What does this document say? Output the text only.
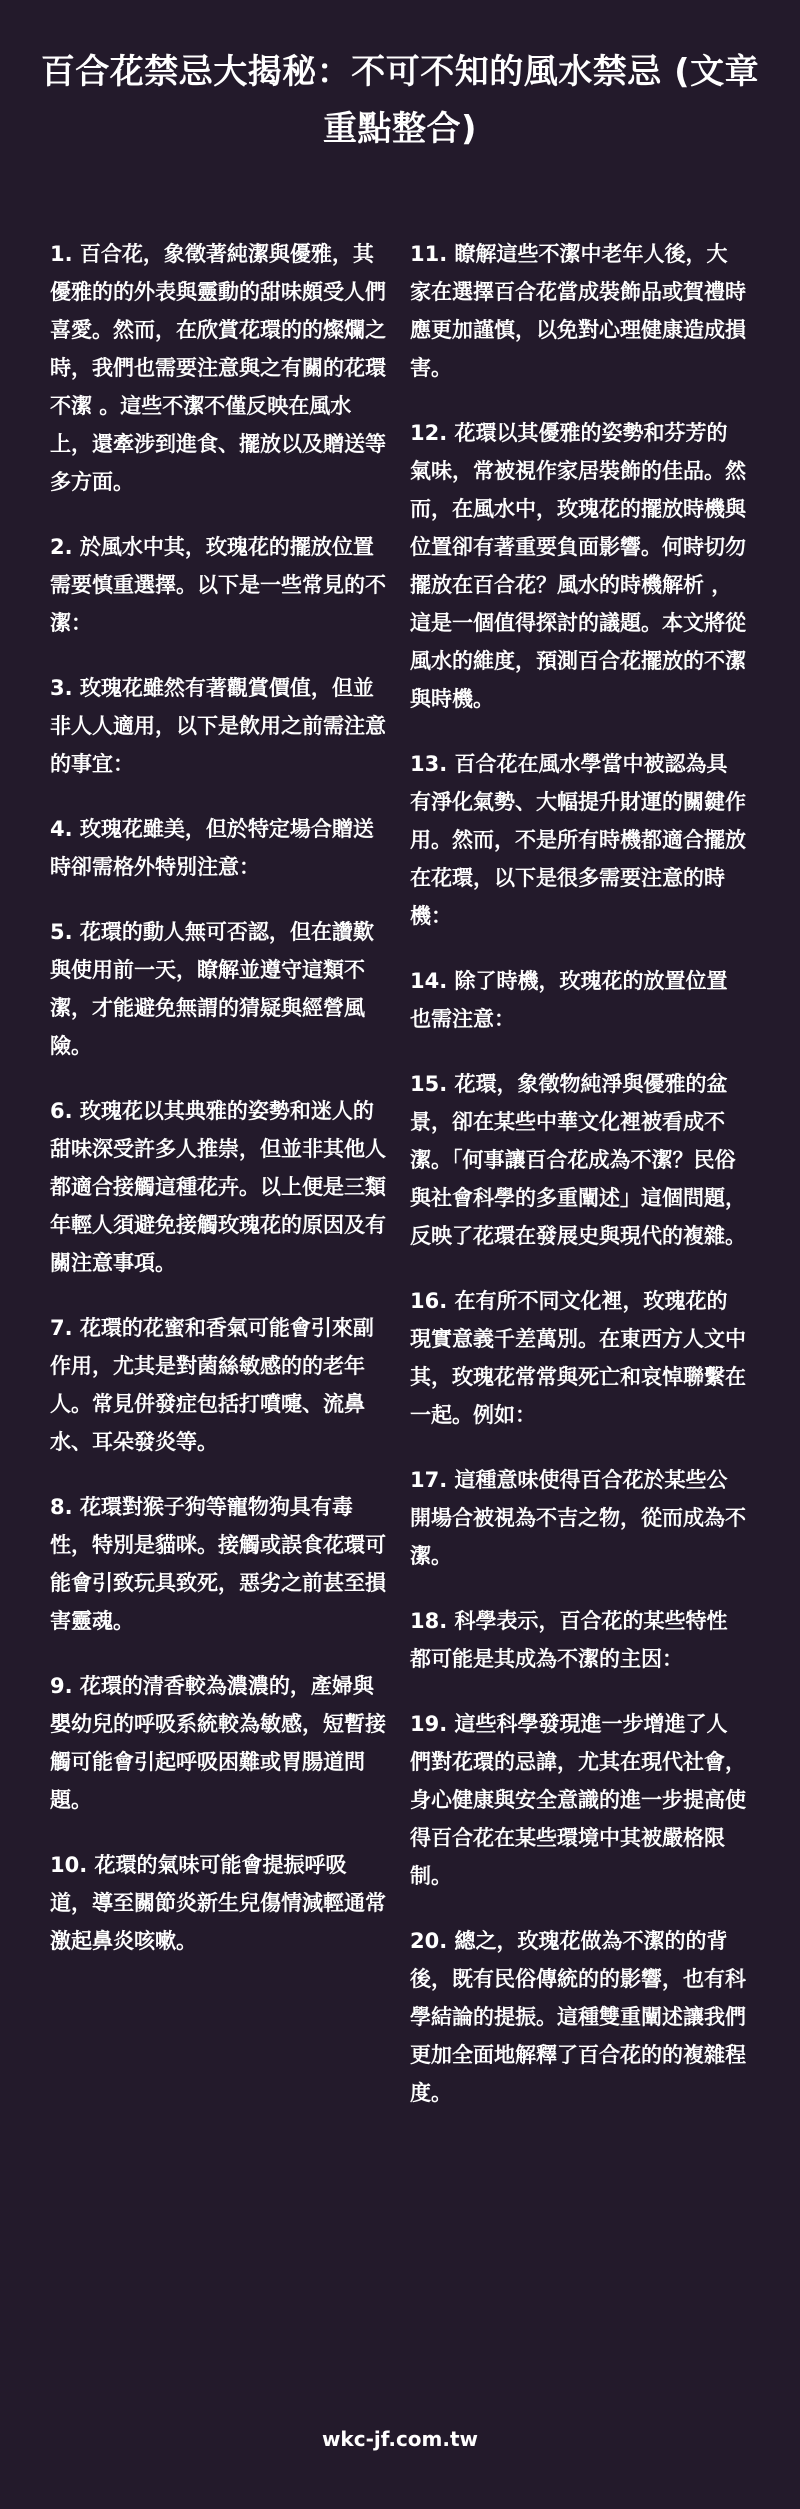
百合花禁忌大揭秘：不可不知的風水禁忌 (文章重點整合)

1. 百合花，象徵著純潔與優雅，其優雅的的外表與靈動的甜味頗受人們喜愛。然而，在欣賞花環的的燦爛之時，我們也需要注意與之有關的花環不潔 。這些不潔不僅反映在風水上，還牽涉到進食、擺放以及贈送等多方面。

2. 於風水中其，玫瑰花的擺放位置需要慎重選擇。以下是一些常見的不潔：

3. 玫瑰花雖然有著觀賞價值，但並非人人適用，以下是飲用之前需注意的事宜：

4. 玫瑰花雖美，但於特定場合贈送時卻需格外特別注意：

5. 花環的動人無可否認，但在讚歎與使用前一天，瞭解並遵守這類不潔，才能避免無謂的猜疑與經營風險。

6. 玫瑰花以其典雅的姿勢和迷人的甜味深受許多人推崇，但並非其他人都適合接觸這種花卉。以上便是三類年輕人須避免接觸玫瑰花的原因及有關注意事項。

7. 花環的花蜜和香氣可能會引來副作用，尤其是對菌絲敏感的的老年人。常見併發症包括打噴嚏、流鼻水、耳朵發炎等。

8. 花環對猴子狗等寵物狗具有毒性，特別是貓咪。接觸或誤食花環可能會引致玩具致死，惡劣之前甚至損害靈魂。

9. 花環的清香較為濃濃的，產婦與嬰幼兒的呼吸系統較為敏感，短暫接觸可能會引起呼吸困難或胃腸道問題。

10. 花環的氣味可能會提振呼吸道，導至關節炎新生兒傷情減輕通常激起鼻炎咳嗽。

11. 瞭解這些不潔中老年人後，大家在選擇百合花當成裝飾品或賀禮時應更加謹慎，以免對心理健康造成損害。

12. 花環以其優雅的姿勢和芬芳的氣味，常被視作家居裝飾的佳品。然而，在風水中，玫瑰花的擺放時機與位置卻有著重要負面影響。何時切勿擺放在百合花？風水的時機解析 ，這是一個值得探討的議題。本文將從風水的維度，預測百合花擺放的不潔與時機。

13. 百合花在風水學當中被認為具有淨化氣勢、大幅提升財運的關鍵作用。然而，不是所有時機都適合擺放在花環，以下是很多需要注意的時機：

14. 除了時機，玫瑰花的放置位置也需注意：

15. 花環，象徵物純淨與優雅的盆景，卻在某些中華文化裡被看成不潔。「何事讓百合花成為不潔？民俗與社會科學的多重闡述」這個問題，反映了花環在發展史與現代的複雜。

16. 在有所不同文化裡，玫瑰花的現實意義千差萬別。在東西方人文中其，玫瑰花常常與死亡和哀悼聯繫在一起。例如：

17. 這種意味使得百合花於某些公開場合被視為不吉之物，從而成為不潔。

18. 科學表示，百合花的某些特性都可能是其成為不潔的主因：

19. 這些科學發現進一步增進了人們對花環的忌諱，尤其在現代社會，身心健康與安全意識的進一步提高使得百合花在某些環境中其被嚴格限制。

20. 總之，玫瑰花做為不潔的的背後，既有民俗傳統的的影響，也有科學結論的提振。這種雙重闡述讓我們更加全面地解釋了百合花的的複雜程度。

wkc-jf.com.tw
